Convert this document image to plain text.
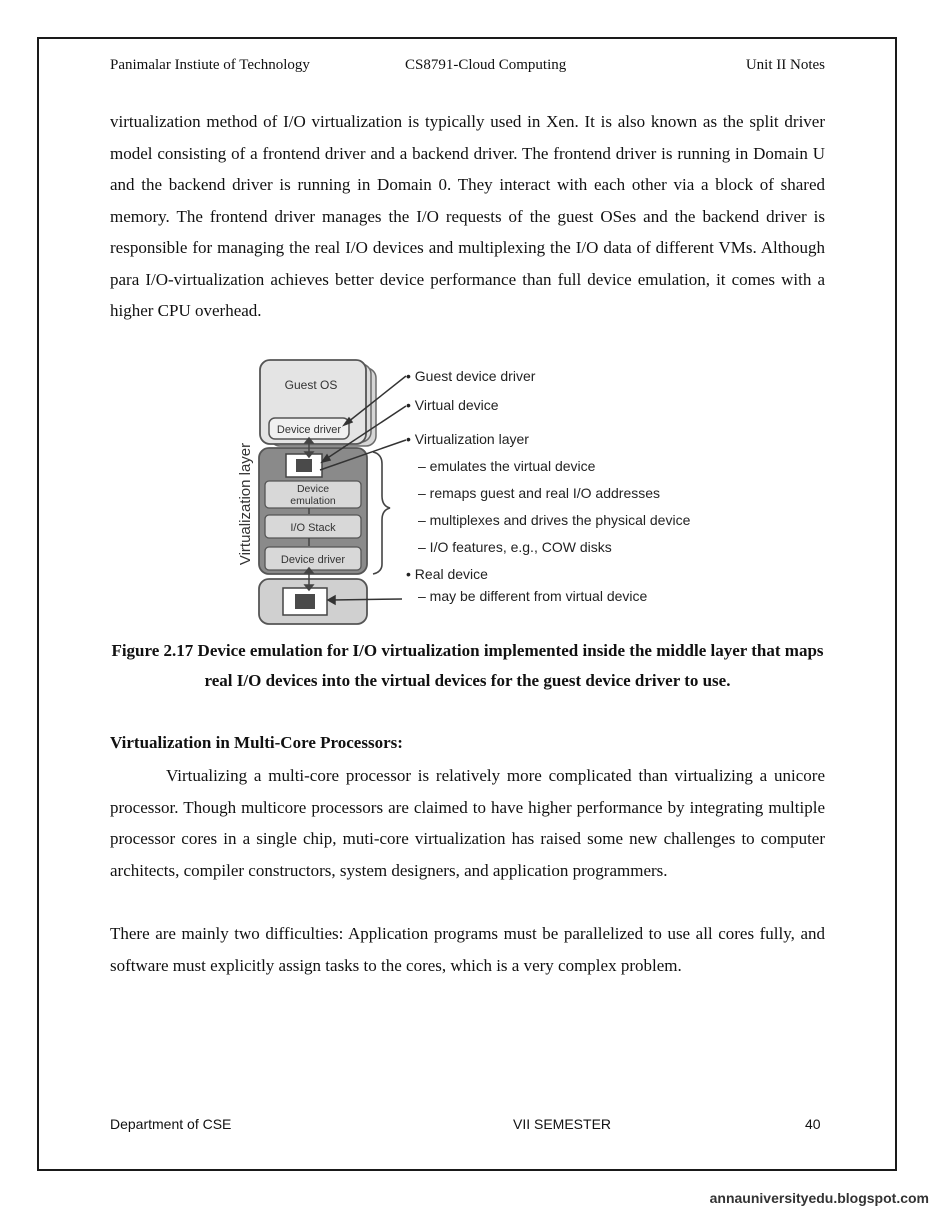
Panimalar Instiute of Technology	CS8791-Cloud Computing	Unit II Notes

virtualization method of I/O virtualization is typically used in Xen. It is also known as the split driver model consisting of a frontend driver and a backend driver. The frontend driver is running in Domain U and the backend driver is running in Domain 0. They interact with each other via a block of shared memory. The frontend driver manages the I/O requests of the guest OSes and the backend driver is responsible for managing the real I/O devices and multiplexing the I/O data of different VMs. Although para I/O-virtualization achieves better device performance than full device emulation, it comes with a higher CPU overhead.

Guest OS
Device driver
Device
emulation
I/O Stack
Device driver
Virtualization layer
• Guest device driver
• Virtual device
• Virtualization layer
– emulates the virtual device
– remaps guest and real I/O addresses
– multiplexes and drives the physical device
– I/O features, e.g., COW disks
• Real device
– may be different from virtual device

Figure 2.17 Device emulation for I/O virtualization implemented inside the middle layer that maps real I/O devices into the virtual devices for the guest device driver to use.

Virtualization in Multi-Core Processors:

Virtualizing a multi-core processor is relatively more complicated than virtualizing a unicore processor. Though multicore processors are claimed to have higher performance by integrating multiple processor cores in a single chip, muti-core virtualization has raised some new challenges to computer architects, compiler constructors, system designers, and application programmers.

There are mainly two difficulties: Application programs must be parallelized to use all cores fully, and software must explicitly assign tasks to the cores, which is a very complex problem.

Department of CSE	VII SEMESTER	40
annauniversityedu.blogspot.com
